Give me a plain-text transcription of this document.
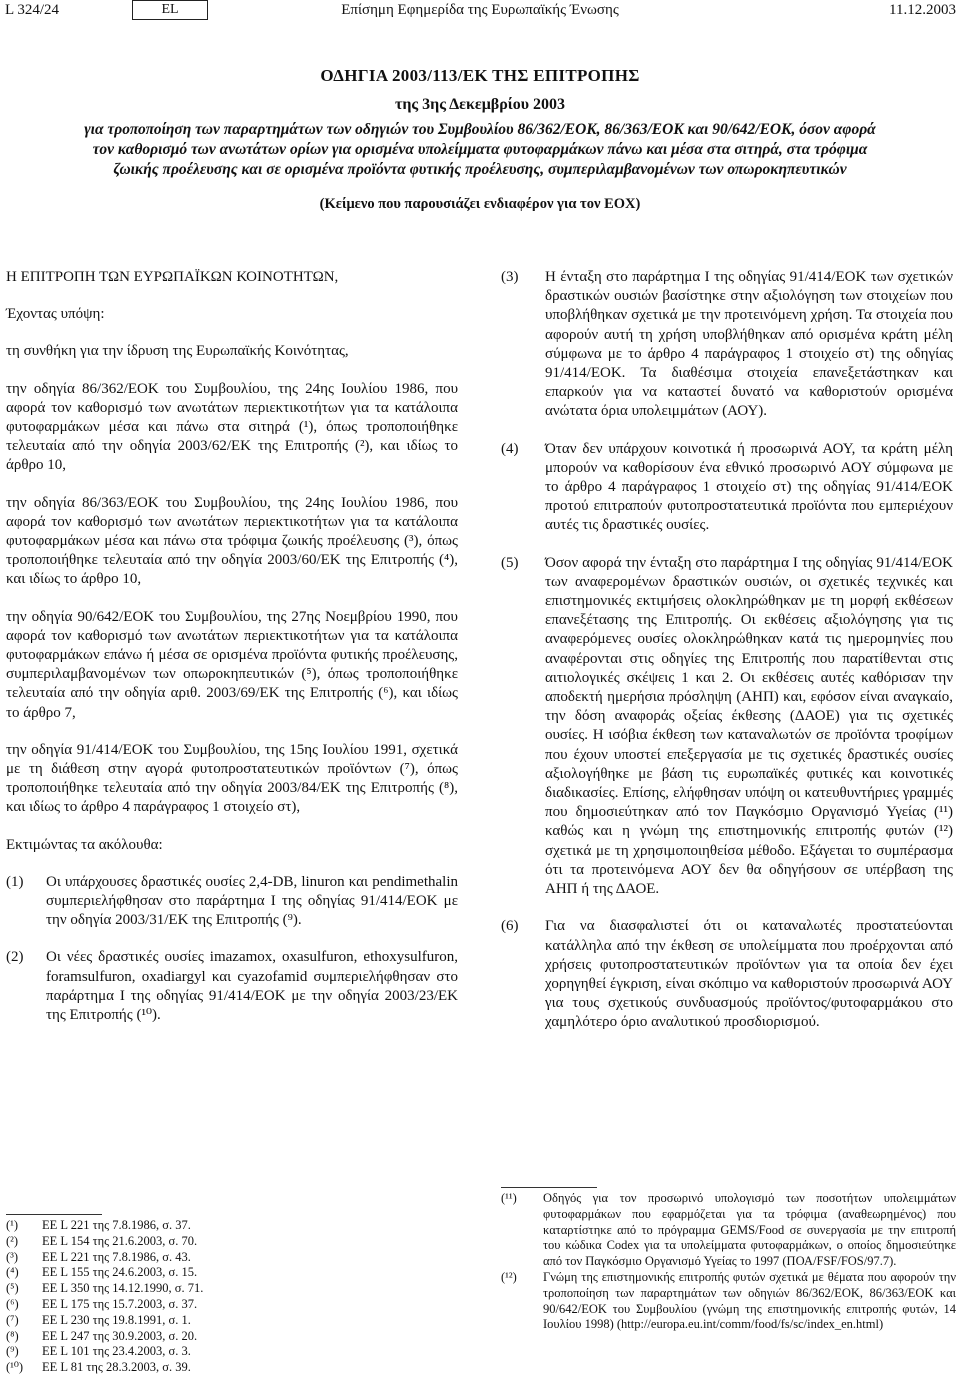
L 324/24	EL	Επίσημη Εφημερίδα της Ευρωπαϊκής Ένωσης	11.12.2003
ΟΔΗΓΙΑ 2003/113/ΕΚ ΤΗΣ ΕΠΙΤΡΟΠΗΣ
της 3ης Δεκεμβρίου 2003
για τροποποίηση των παραρτημάτων των οδηγιών του Συμβουλίου 86/362/ΕΟΚ, 86/363/ΕΟΚ και 90/642/ΕΟΚ, όσον αφορά τον καθορισμό των ανωτάτων ορίων για ορισμένα υπολείμματα φυτοφαρμάκων πάνω και μέσα στα σιτηρά, στα τρόφιμα ζωικής προέλευσης και σε ορισμένα προϊόντα φυτικής προέλευσης, συμπεριλαμβανομένων των οπωροκηπευτικών
(Κείμενο που παρουσιάζει ενδιαφέρον για τον ΕΟΧ)

Η ΕΠΙΤΡΟΠΗ ΤΩΝ ΕΥΡΩΠΑΪΚΩΝ ΚΟΙΝΟΤΗΤΩΝ,

Έχοντας υπόψη:

τη συνθήκη για την ίδρυση της Ευρωπαϊκής Κοινότητας,

την οδηγία 86/362/ΕΟΚ του Συμβουλίου, της 24ης Ιουλίου 1986, που αφορά τον καθορισμό των ανωτάτων περιεκτικοτήτων για τα κατάλοιπα φυτοφαρμάκων μέσα και πάνω στα σιτηρά (¹), όπως τροποποιήθηκε τελευταία από την οδηγία 2003/62/ΕΚ της Επιτροπής (²), και ιδίως το άρθρο 10,

την οδηγία 86/363/ΕΟΚ του Συμβουλίου, της 24ης Ιουλίου 1986, που αφορά τον καθορισμό των ανωτάτων περιεκτικοτήτων για τα κατάλοιπα φυτοφαρμάκων μέσα και πάνω στα τρόφιμα ζωικής προέλευσης (³), όπως τροποποιήθηκε τελευταία από την οδηγία 2003/60/ΕΚ της Επιτροπής (⁴), και ιδίως το άρθρο 10,

την οδηγία 90/642/ΕΟΚ του Συμβουλίου, της 27ης Νοεμβρίου 1990, που αφορά τον καθορισμό των ανωτάτων περιεκτικοτήτων για τα κατάλοιπα φυτοφαρμάκων επάνω ή μέσα σε ορισμένα προϊόντα φυτικής προέλευσης, συμπεριλαμβανομένων των οπωροκηπευτικών (⁵), όπως τροποποιήθηκε τελευταία από την οδηγία αριθ. 2003/69/ΕΚ της Επιτροπής (⁶), και ιδίως το άρθρο 7,

την οδηγία 91/414/ΕΟΚ του Συμβουλίου, της 15ης Ιουλίου 1991, σχετικά με τη διάθεση στην αγορά φυτοπροστατευτικών προϊόντων (⁷), όπως τροποποιήθηκε τελευταία από την οδηγία 2003/84/ΕΚ της Επιτροπής (⁸), και ιδίως το άρθρο 4 παράγραφος 1 στοιχείο στ),

Εκτιμώντας τα ακόλουθα:

(1)	Οι υπάρχουσες δραστικές ουσίες 2,4-DB, linuron και pendimethalin συμπεριελήφθησαν στο παράρτημα Ι της οδηγίας 91/414/ΕΟΚ με την οδηγία 2003/31/ΕΚ της Επιτροπής (⁹).
(2)	Οι νέες δραστικές ουσίες imazamox, oxasulfuron, ethoxysulfuron, foramsulfuron, oxadiargyl και cyazofamid συμπεριελήφθησαν στο παράρτημα Ι της οδηγίας 91/414/ΕΟΚ με την οδηγία 2003/23/ΕΚ της Επιτροπής (¹⁰).
(3)	Η ένταξη στο παράρτημα Ι της οδηγίας 91/414/ΕΟΚ των σχετικών δραστικών ουσιών βασίστηκε στην αξιολόγηση των στοιχείων που υποβλήθηκαν σχετικά με την προτεινόμενη χρήση. Τα στοιχεία που αφορούν αυτή τη χρήση υποβλήθηκαν από ορισμένα κράτη μέλη σύμφωνα με το άρθρο 4 παράγραφος 1 στοιχείο στ) της οδηγίας 91/414/ΕΟΚ. Τα διαθέσιμα στοιχεία επανεξετάστηκαν και επαρκούν για να καταστεί δυνατό να καθοριστούν ορισμένα ανώτατα όρια υπολειμμάτων (ΑΟΥ).
(4)	Όταν δεν υπάρχουν κοινοτικά ή προσωρινά ΑΟΥ, τα κράτη μέλη μπορούν να καθορίσουν ένα εθνικό προσωρινό ΑΟΥ σύμφωνα με το άρθρο 4 παράγραφος 1 στοιχείο στ) της οδηγίας 91/414/ΕΟΚ προτού επιτραπούν φυτοπροστατευτικά προϊόντα που εμπεριέχουν αυτές τις δραστικές ουσίες.
(5)	Όσον αφορά την ένταξη στο παράρτημα Ι της οδηγίας 91/414/ΕΟΚ των αναφερομένων δραστικών ουσιών, οι σχετικές τεχνικές και επιστημονικές εκτιμήσεις ολοκληρώθηκαν με τη μορφή εκθέσεων επανεξέτασης της Επιτροπής. Οι εκθέσεις αξιολόγησης για τις αναφερόμενες ουσίες ολοκληρώθηκαν κατά τις ημερομηνίες που αναφέρονται στις οδηγίες της Επιτροπής που παρατίθενται στις αιτιολογικές σκέψεις 1 και 2. Οι εκθέσεις αυτές καθόρισαν την αποδεκτή ημερήσια πρόσληψη (ΑΗΠ) και, εφόσον είναι αναγκαίο, την δόση αναφοράς οξείας έκθεσης (ΔΑΟΕ) για τις σχετικές ουσίες. Η ισόβια έκθεση των καταναλωτών σε προϊόντα τροφίμων που έχουν υποστεί επεξεργασία με τις σχετικές δραστικές ουσίες αξιολογήθηκε με βάση τις ευρωπαϊκές φυτικές και κοινοτικές διαδικασίες. Επίσης, ελήφθησαν υπόψη οι κατευθυντήριες γραμμές που δημοσιεύτηκαν από τον Παγκόσμιο Οργανισμό Υγείας (¹¹) καθώς και η γνώμη της επιστημονικής επιτροπής φυτών (¹²) σχετικά με τη χρησιμοποιηθείσα μέθοδο. Εξάγεται το συμπέρασμα ότι τα προτεινόμενα ΑΟΥ δεν θα οδηγήσουν σε υπέρβαση της ΑΗΠ ή της ΔΑΟΕ.
(6)	Για να διασφαλιστεί ότι οι καταναλωτές προστατεύονται κατάλληλα από την έκθεση σε υπολείμματα που προέρχονται από χρήσεις φυτοπροστατευτικών προϊόντων για τα οποία δεν έχει χορηγηθεί έγκριση, είναι σκόπιμο να καθοριστούν προσωρινά ΑΟΥ για τους σχετικούς συνδυασμούς προϊόντος/φυτοφαρμάκου στο χαμηλότερο όριο αναλυτικού προσδιορισμού.
(¹)	ΕΕ L 221 της 7.8.1986, σ. 37.
(²)	ΕΕ L 154 της 21.6.2003, σ. 70.
(³)	ΕΕ L 221 της 7.8.1986, σ. 43.
(⁴)	ΕΕ L 155 της 24.6.2003, σ. 15.
(⁵)	ΕΕ L 350 της 14.12.1990, σ. 71.
(⁶)	ΕΕ L 175 της 15.7.2003, σ. 37.
(⁷)	ΕΕ L 230 της 19.8.1991, σ. 1.
(⁸)	ΕΕ L 247 της 30.9.2003, σ. 20.
(⁹)	ΕΕ L 101 της 23.4.2003, σ. 3.
(¹⁰)	ΕΕ L 81 της 28.3.2003, σ. 39.
(¹¹)	Οδηγός για τον προσωρινό υπολογισμό των ποσοτήτων υπολειμμάτων φυτοφαρμάκων που εφαρμόζεται για τα τρόφιμα (αναθεωρημένος) που καταρτίστηκε από το πρόγραμμα GEMS/Food σε συνεργασία με την επιτροπή του κώδικα Codex για τα υπολείμματα φυτοφαρμάκων, ο οποίος δημοσιεύτηκε από τον Παγκόσμιο Οργανισμό Υγείας το 1997 (ΠΟΑ/FSF/FOS/97.7).
(¹²)	Γνώμη της επιστημονικής επιτροπής φυτών σχετικά με θέματα που αφορούν την τροποποίηση των παραρτημάτων των οδηγιών 86/362/ΕΟΚ, 86/363/ΕΟΚ και 90/642/ΕΟΚ του Συμβουλίου (γνώμη της επιστημονικής επιτροπής φυτών, 14 Ιουλίου 1998) (http://europa.eu.int/comm/food/fs/sc/index_en.html)
